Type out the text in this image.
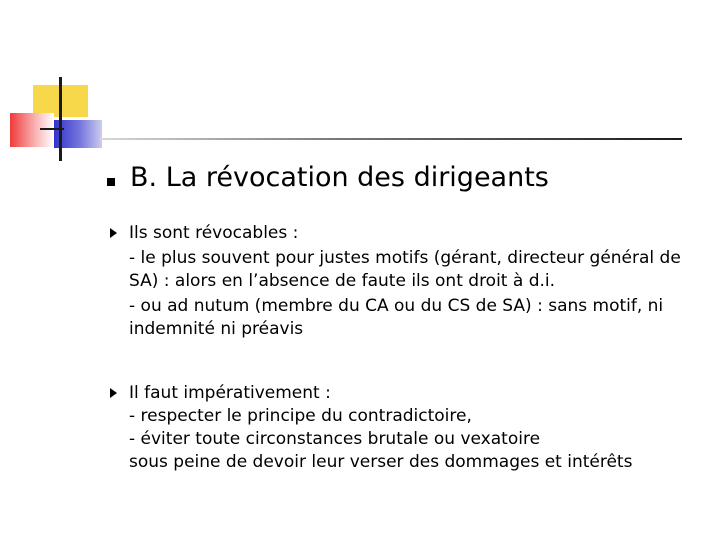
B. La révocation des dirigeants

Ils sont révocables :

- le plus souvent pour justes motifs (gérant, directeur général de SA) : alors en l’absence de faute ils ont droit à d.i.

- ou ad nutum (membre du CA ou du CS de SA) : sans motif, ni indemnité ni préavis

Il faut impérativement :

- respecter le principe du contradictoire,

- éviter toute circonstances brutale ou vexatoire

sous peine de devoir leur verser des dommages et intérêts
